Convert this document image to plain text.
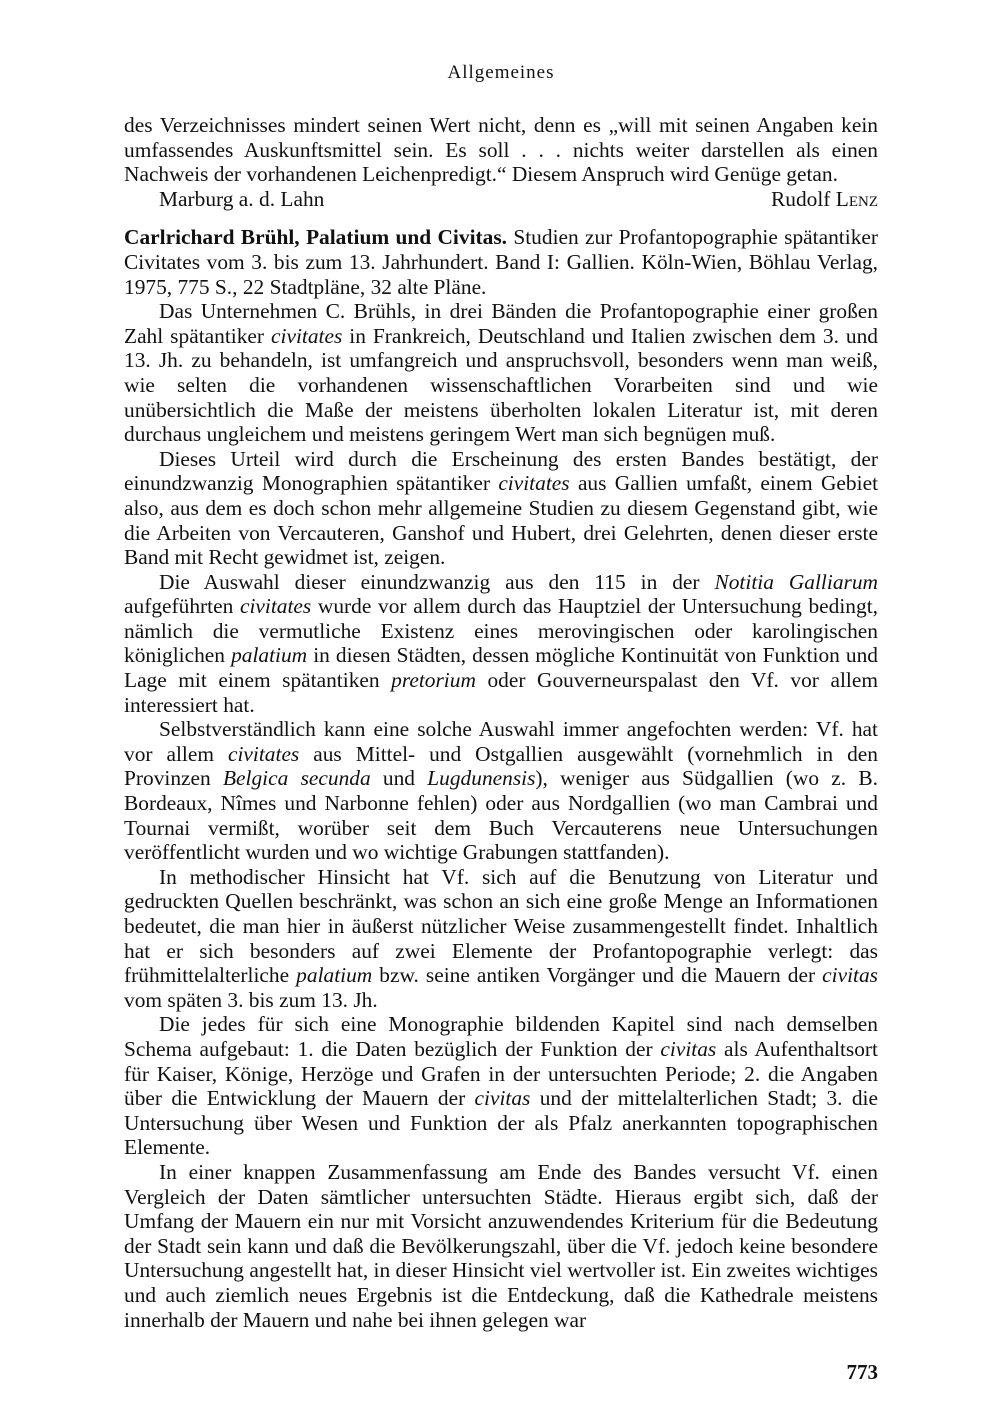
Allgemeines

des Verzeichnisses mindert seinen Wert nicht, denn es „will mit seinen Angaben kein umfassendes Auskunftsmittel sein. Es soll . . . nichts weiter darstellen als einen Nachweis der vorhandenen Leichenpredigt.“ Diesem Anspruch wird Genüge getan.

Marburg a. d. Lahn	Rudolf Lenz

Carlrichard Brühl, Palatium und Civitas. Studien zur Profantopographie spätantiker Civitates vom 3. bis zum 13. Jahrhundert. Band I: Gallien. Köln-Wien, Böhlau Verlag, 1975, 775 S., 22 Stadtpläne, 32 alte Pläne.

Das Unternehmen C. Brühls, in drei Bänden die Profantopographie einer großen Zahl spätantiker civitates in Frankreich, Deutschland und Italien zwischen dem 3. und 13. Jh. zu behandeln, ist umfangreich und anspruchsvoll, besonders wenn man weiß, wie selten die vorhandenen wissenschaftlichen Vorarbeiten sind und wie unübersichtlich die Maße der meistens überholten lokalen Literatur ist, mit deren durchaus ungleichem und meistens geringem Wert man sich begnügen muß.

Dieses Urteil wird durch die Erscheinung des ersten Bandes bestätigt, der einundzwanzig Monographien spätantiker civitates aus Gallien umfaßt, einem Gebiet also, aus dem es doch schon mehr allgemeine Studien zu diesem Gegenstand gibt, wie die Arbeiten von Vercauteren, Ganshof und Hubert, drei Gelehrten, denen dieser erste Band mit Recht gewidmet ist, zeigen.

Die Auswahl dieser einundzwanzig aus den 115 in der Notitia Galliarum aufgeführten civitates wurde vor allem durch das Hauptziel der Untersuchung bedingt, nämlich die vermutliche Existenz eines merovingischen oder karolingischen königlichen palatium in diesen Städten, dessen mögliche Kontinuität von Funktion und Lage mit einem spätantiken pretorium oder Gouverneurspalast den Vf. vor allem interessiert hat.

Selbstverständlich kann eine solche Auswahl immer angefochten werden: Vf. hat vor allem civitates aus Mittel- und Ostgallien ausgewählt (vornehmlich in den Provinzen Belgica secunda und Lugdunensis), weniger aus Südgallien (wo z. B. Bordeaux, Nîmes und Narbonne fehlen) oder aus Nordgallien (wo man Cambrai und Tournai vermißt, worüber seit dem Buch Vercauterens neue Untersuchungen veröffentlicht wurden und wo wichtige Grabungen stattfanden).

In methodischer Hinsicht hat Vf. sich auf die Benutzung von Literatur und gedruckten Quellen beschränkt, was schon an sich eine große Menge an Informationen bedeutet, die man hier in äußerst nützlicher Weise zusammengestellt findet. Inhaltlich hat er sich besonders auf zwei Elemente der Profantopographie verlegt: das frühmittelalterliche palatium bzw. seine antiken Vorgänger und die Mauern der civitas vom späten 3. bis zum 13. Jh.

Die jedes für sich eine Monographie bildenden Kapitel sind nach demselben Schema aufgebaut: 1. die Daten bezüglich der Funktion der civitas als Aufenthaltsort für Kaiser, Könige, Herzöge und Grafen in der untersuchten Periode; 2. die Angaben über die Entwicklung der Mauern der civitas und der mittelalterlichen Stadt; 3. die Untersuchung über Wesen und Funktion der als Pfalz anerkannten topographischen Elemente.

In einer knappen Zusammenfassung am Ende des Bandes versucht Vf. einen Vergleich der Daten sämtlicher untersuchten Städte. Hieraus ergibt sich, daß der Umfang der Mauern ein nur mit Vorsicht anzuwendendes Kriterium für die Bedeutung der Stadt sein kann und daß die Bevölkerungszahl, über die Vf. jedoch keine besondere Untersuchung angestellt hat, in dieser Hinsicht viel wertvoller ist. Ein zweites wichtiges und auch ziemlich neues Ergebnis ist die Entdeckung, daß die Kathedrale meistens innerhalb der Mauern und nahe bei ihnen gelegen war

773
